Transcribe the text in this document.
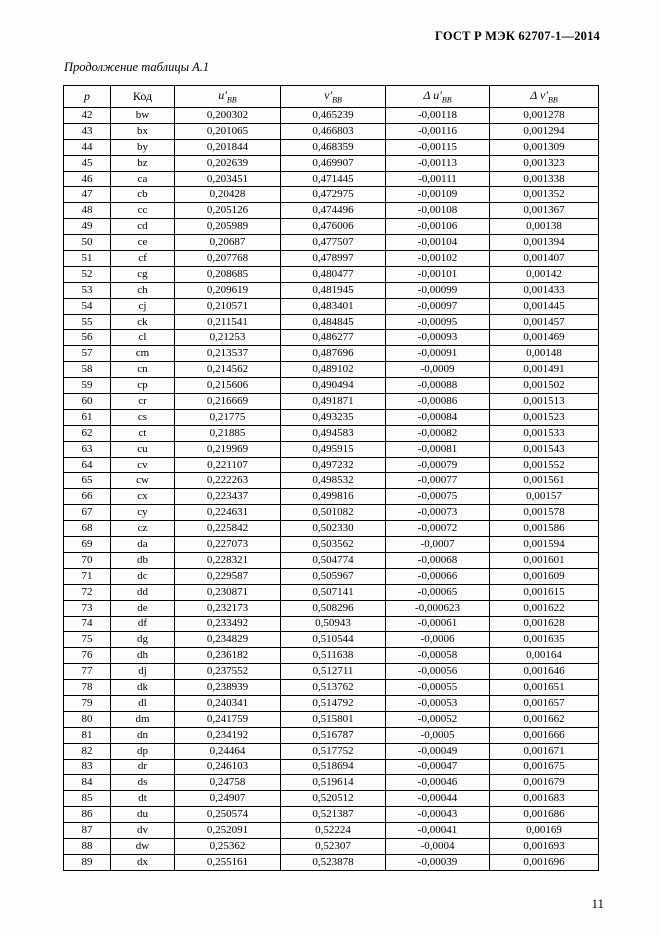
ГОСТ Р МЭК 62707-1—2014
Продолжение таблицы А.1
p	Код	$u'_{ВВ}$	$v'_{ВВ}$	Δ $u'_{ВВ}$	Δ $v'_{ВВ}$
42	bw	0,200302	0,465239	-0,00118	0,001278
43	bx	0,201065	0,466803	-0,00116	0,001294
44	by	0,201844	0,468359	-0,00115	0,001309
45	bz	0,202639	0,469907	-0,00113	0,001323
46	ca	0,203451	0,471445	-0,00111	0,001338
47	cb	0,20428	0,472975	-0,00109	0,001352
48	cc	0,205126	0,474496	-0,00108	0,001367
49	cd	0,205989	0,476006	-0,00106	0,00138
50	ce	0,20687	0,477507	-0,00104	0,001394
51	cf	0,207768	0,478997	-0,00102	0,001407
52	cg	0,208685	0,480477	-0,00101	0,00142
53	ch	0,209619	0,481945	-0,00099	0,001433
54	cj	0,210571	0,483401	-0,00097	0,001445
55	ck	0,211541	0,484845	-0,00095	0,001457
56	cl	0,21253	0,486277	-0,00093	0,001469
57	cm	0,213537	0,487696	-0,00091	0,00148
58	cn	0,214562	0,489102	-0,0009	0,001491
59	cp	0,215606	0,490494	-0,00088	0,001502
60	cr	0,216669	0,491871	-0,00086	0,001513
61	cs	0,21775	0,493235	-0,00084	0,001523
62	ct	0,21885	0,494583	-0,00082	0,001533
63	cu	0,219969	0,495915	-0,00081	0,001543
64	cv	0,221107	0,497232	-0,00079	0,001552
65	cw	0,222263	0,498532	-0,00077	0,001561
66	cx	0,223437	0,499816	-0,00075	0,00157
67	cy	0,224631	0,501082	-0,00073	0,001578
68	cz	0,225842	0,502330	-0,00072	0,001586
69	da	0,227073	0,503562	-0,0007	0,001594
70	db	0,228321	0,504774	-0,00068	0,001601
71	dc	0,229587	0,505967	-0,00066	0,001609
72	dd	0,230871	0,507141	-0,00065	0,001615
73	de	0,232173	0,508296	-0,000623	0,001622
74	df	0,233492	0,50943	-0,00061	0,001628
75	dg	0,234829	0,510544	-0,0006	0,001635
76	dh	0,236182	0,511638	-0,00058	0,00164
77	dj	0,237552	0,512711	-0,00056	0,001646
78	dk	0,238939	0,513762	-0,00055	0,001651
79	dl	0,240341	0,514792	-0,00053	0,001657
80	dm	0,241759	0,515801	-0,00052	0,001662
81	dn	0,234192	0,516787	-0,0005	0,001666
82	dp	0,24464	0,517752	-0,00049	0,001671
83	dr	0,246103	0,518694	-0,00047	0,001675
84	ds	0,24758	0,519614	-0,00046	0,001679
85	dt	0,24907	0,520512	-0,00044	0,001683
86	du	0,250574	0,521387	-0,00043	0,001686
87	dv	0,252091	0,52224	-0,00041	0,00169
88	dw	0,25362	0,52307	-0,0004	0,001693
89	dx	0,255161	0,523878	-0,00039	0,001696
11
